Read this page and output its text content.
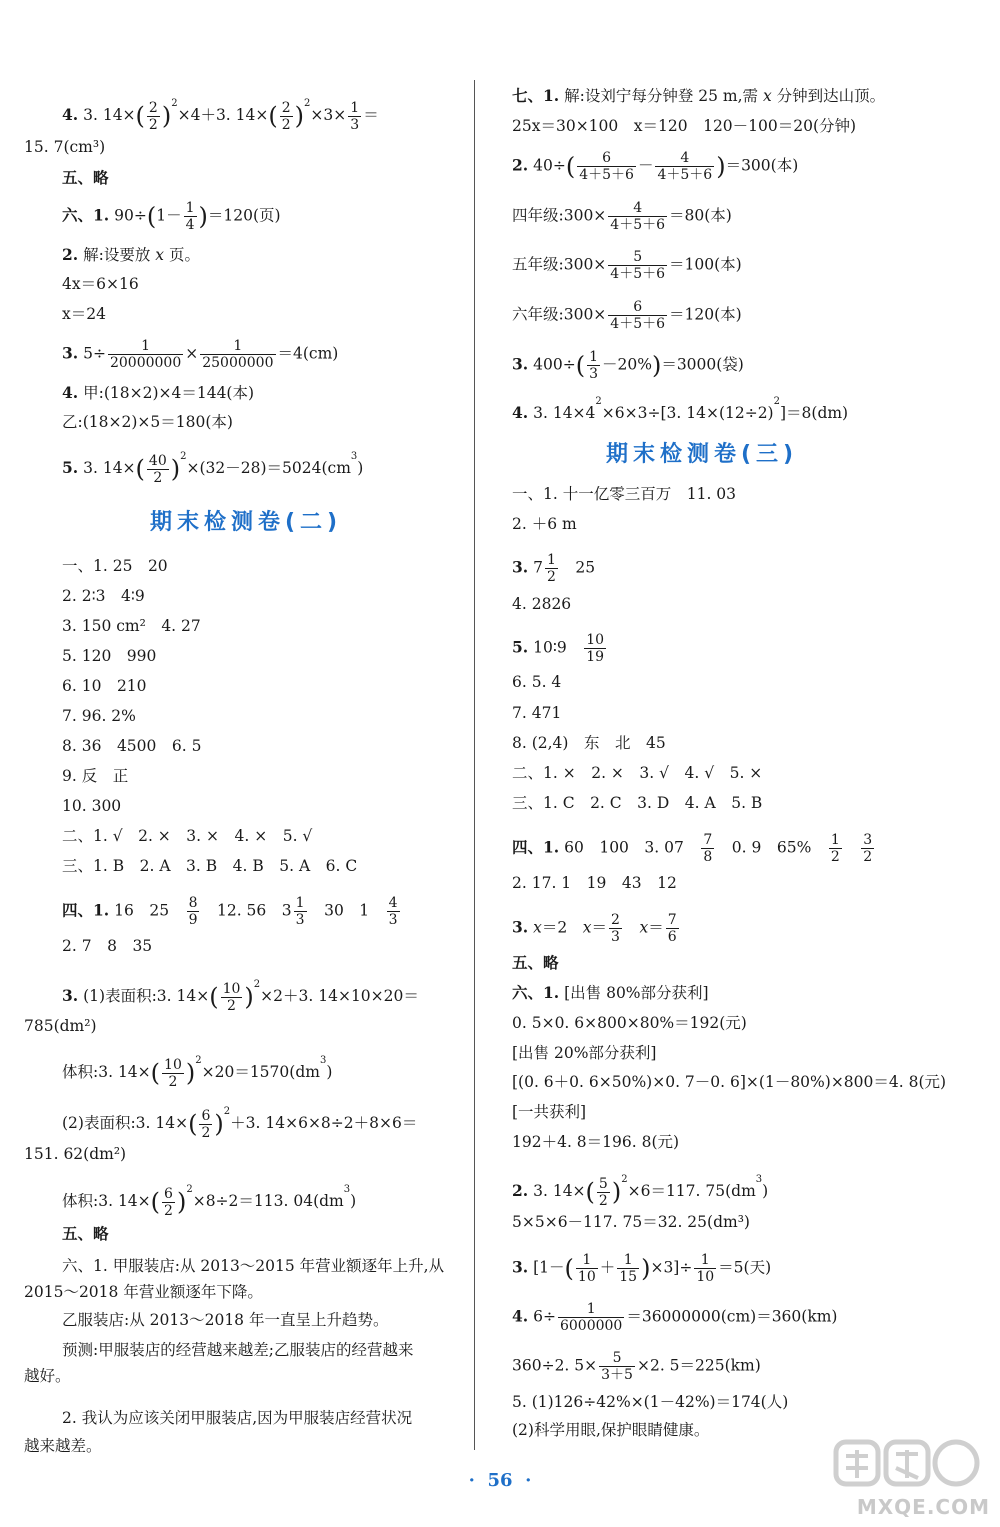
4. 3. $14\times( \frac{2}{2} )^2\times 4+3$. $14\times( \frac{2}{2} )^2\times 3\times \frac{1}{3}$ ＝
15. 7(cm³)
五、略
六、1. $90\div(1- \frac{1}{4} )=120$(页)
2. 解:设要放 x 页。
4x＝6×16
x＝24
3. $5\div \frac{1}{20000000} \times \frac{1}{25000000} =4(cm)$
4. 甲:(18×2)×4＝144(本)
乙:(18×2)×5＝180(本)
5. 3. $14\times( \frac{40}{2} )^2\times(32-28)=5024(cm^3)$
期末检测卷(二)
一、1. 25　20
2. 2∶3　4∶9
3. 150 cm²　4. 27
5. 120　990
6. 10　210
7. 96. 2%
8. 36　4500　6. 5
9. 反　正
10. 300
二、1. √　2. ×　3. ×　4. ×　5. √
三、1. B　2. A　3. B　4. B　5. A　6. C
四、1. 16　25　 $\frac{8}{9}$ 　12. 56　$3 \frac{1}{3}$ 　30　1　 $\frac{4}{3}$
2. 7　8　35
3. (1)表面积:3. $14\times( \frac{10}{2} )^2\times 2+3$. 14×10×20＝
785(dm²)
体积:3. $14\times( \frac{10}{2} )^2\times 20=1570(dm^3)$
(2)表面积:3. $14\times( \frac{6}{2} )^2+3$. 14×6×8÷2＋8×6＝
151. 62(dm²)
体积:3. $14\times( \frac{6}{2} )^2\times 8\div 2=113$. $04(dm^3)$
五、略
六、1. 甲服装店:从 2013～2015 年营业额逐年上升,从
2015～2018 年营业额逐年下降。
乙服装店:从 2013～2018 年一直呈上升趋势。
预测:甲服装店的经营越来越差;乙服装店的经营越来
越好。
2. 我认为应该关闭甲服装店,因为甲服装店经营状况
越来越差。
七、1. 解:设刘宁每分钟登 25 m,需 x 分钟到达山顶。
25x＝30×100　x＝120　120－100＝20(分钟)
2. $40\div( \frac{6}{4+5+6} - \frac{4}{4+5+6} )=300$(本)
四年级:300× $\frac{4}{4+5+6} =80$(本)
五年级:300× $\frac{5}{4+5+6} =100$(本)
六年级:300× $\frac{6}{4+5+6} =120$(本)
3. $400\div( \frac{1}{3} -20\%)=3000$(袋)
4. 3. $14\times 4^2\times 6\times 3\div[3$. $14\times(12\div 2)^2]=8(dm)$
期末检测卷(三)
一、1. 十一亿零三百万　11. 03
2. ＋6 m
3. $7 \frac{1}{2}$ 　25
4. 2826
5. 10∶9　 $\frac{10}{19}$
6. 5. 4
7. 471
8. (2,4)　东　北　45
二、1. ×　2. ×　3. √　4. √　5. ×
三、1. C　2. C　3. D　4. A　5. B
四、1. 60　100　3. 07　 $\frac{7}{8}$ 　0. 9　65%　 $\frac{1}{2}$
　 $\frac{3}{2}$
2. 17. 1　19　43　12
3. x＝2　$x= \frac{2}{3}$
　 $x= \frac{7}{6}$
五、略
六、1. [出售 80%部分获利]
0. 5×0. 6×800×80%＝192(元)
[出售 20%部分获利]
[(0. 6＋0. 6×50%)×0. 7－0. 6]×(1－80%)×800＝4. 8(元)
[一共获利]
192＋4. 8＝196. 8(元)
2. 3. $14\times( \frac{5}{2} )^2\times 6=117$. $75(dm^3)$
5×5×6－117. 75＝32. 25(dm³)
3. $[1-( \frac{1}{10} + \frac{1}{15} )\times 3]\div \frac{1}{10} =5$(天)
4. $6\div \frac{1}{6000000} =36000000(cm)=360(km)$
360÷2. $5\times \frac{5}{3+5} \times 2$. 5＝225(km)
5. (1)126÷42%×(1－42%)＝174(人)
(2)科学用眼,保护眼睛健康。
· 56 ·
MXQE.COM
